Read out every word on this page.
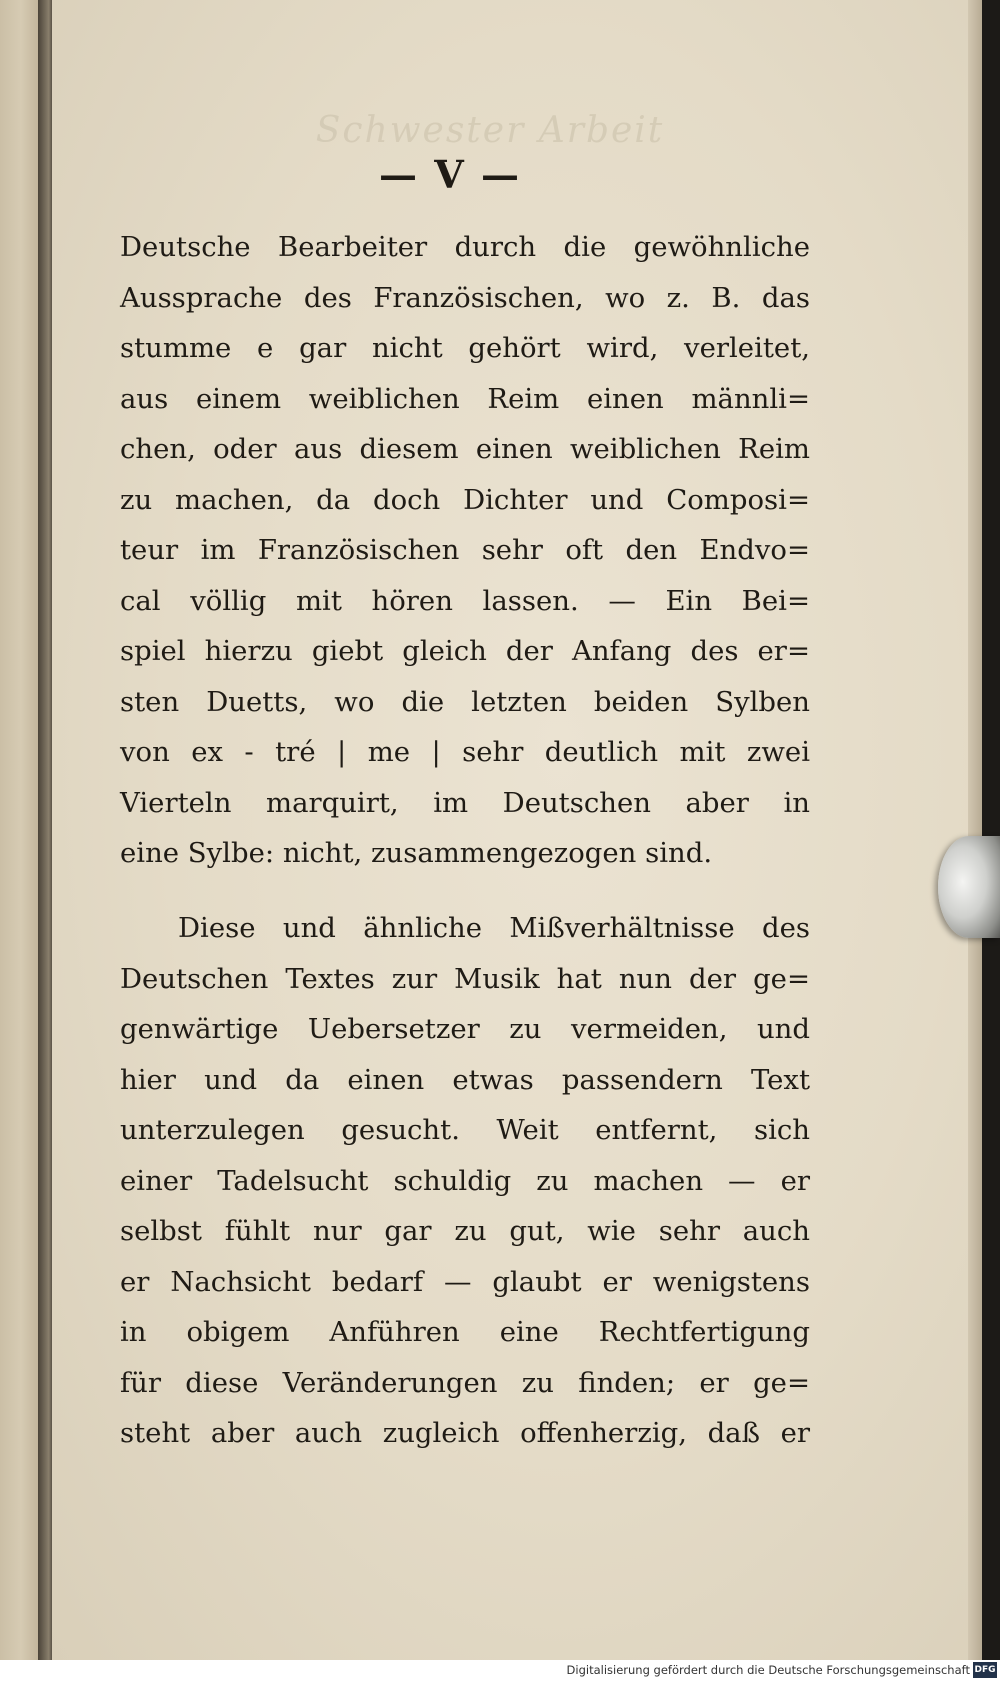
Schwester Arbeit
— V —
Deutsche Bearbeiter durch die gewöhnliche
Aussprache des Französischen, wo z. B. das
stumme e gar nicht gehört wird, verleitet,
aus einem weiblichen Reim einen männli=
chen, oder aus diesem einen weiblichen Reim
zu machen, da doch Dichter und Composi=
teur im Französischen sehr oft den Endvo=
cal völlig mit hören lassen. — Ein Bei=
spiel hierzu giebt gleich der Anfang des er=
sten Duetts, wo die letzten beiden Sylben
von ex - tré | me | sehr deutlich mit zwei
Vierteln marquirt, im Deutschen aber in
eine Sylbe: nicht, zusammengezogen sind.
Diese und ähnliche Mißverhältnisse des
Deutschen Textes zur Musik hat nun der ge=
genwärtige Uebersetzer zu vermeiden, und
hier und da einen etwas passendern Text
unterzulegen gesucht. Weit entfernt, sich
einer Tadelsucht schuldig zu machen — er
selbst fühlt nur gar zu gut, wie sehr auch
er Nachsicht bedarf — glaubt er wenigstens
in obigem Anführen eine Rechtfertigung
für diese Veränderungen zu finden; er ge=
steht aber auch zugleich offenherzig, daß er
Digitalisierung gefördert durch die Deutsche Forschungsgemeinschaft DFG
